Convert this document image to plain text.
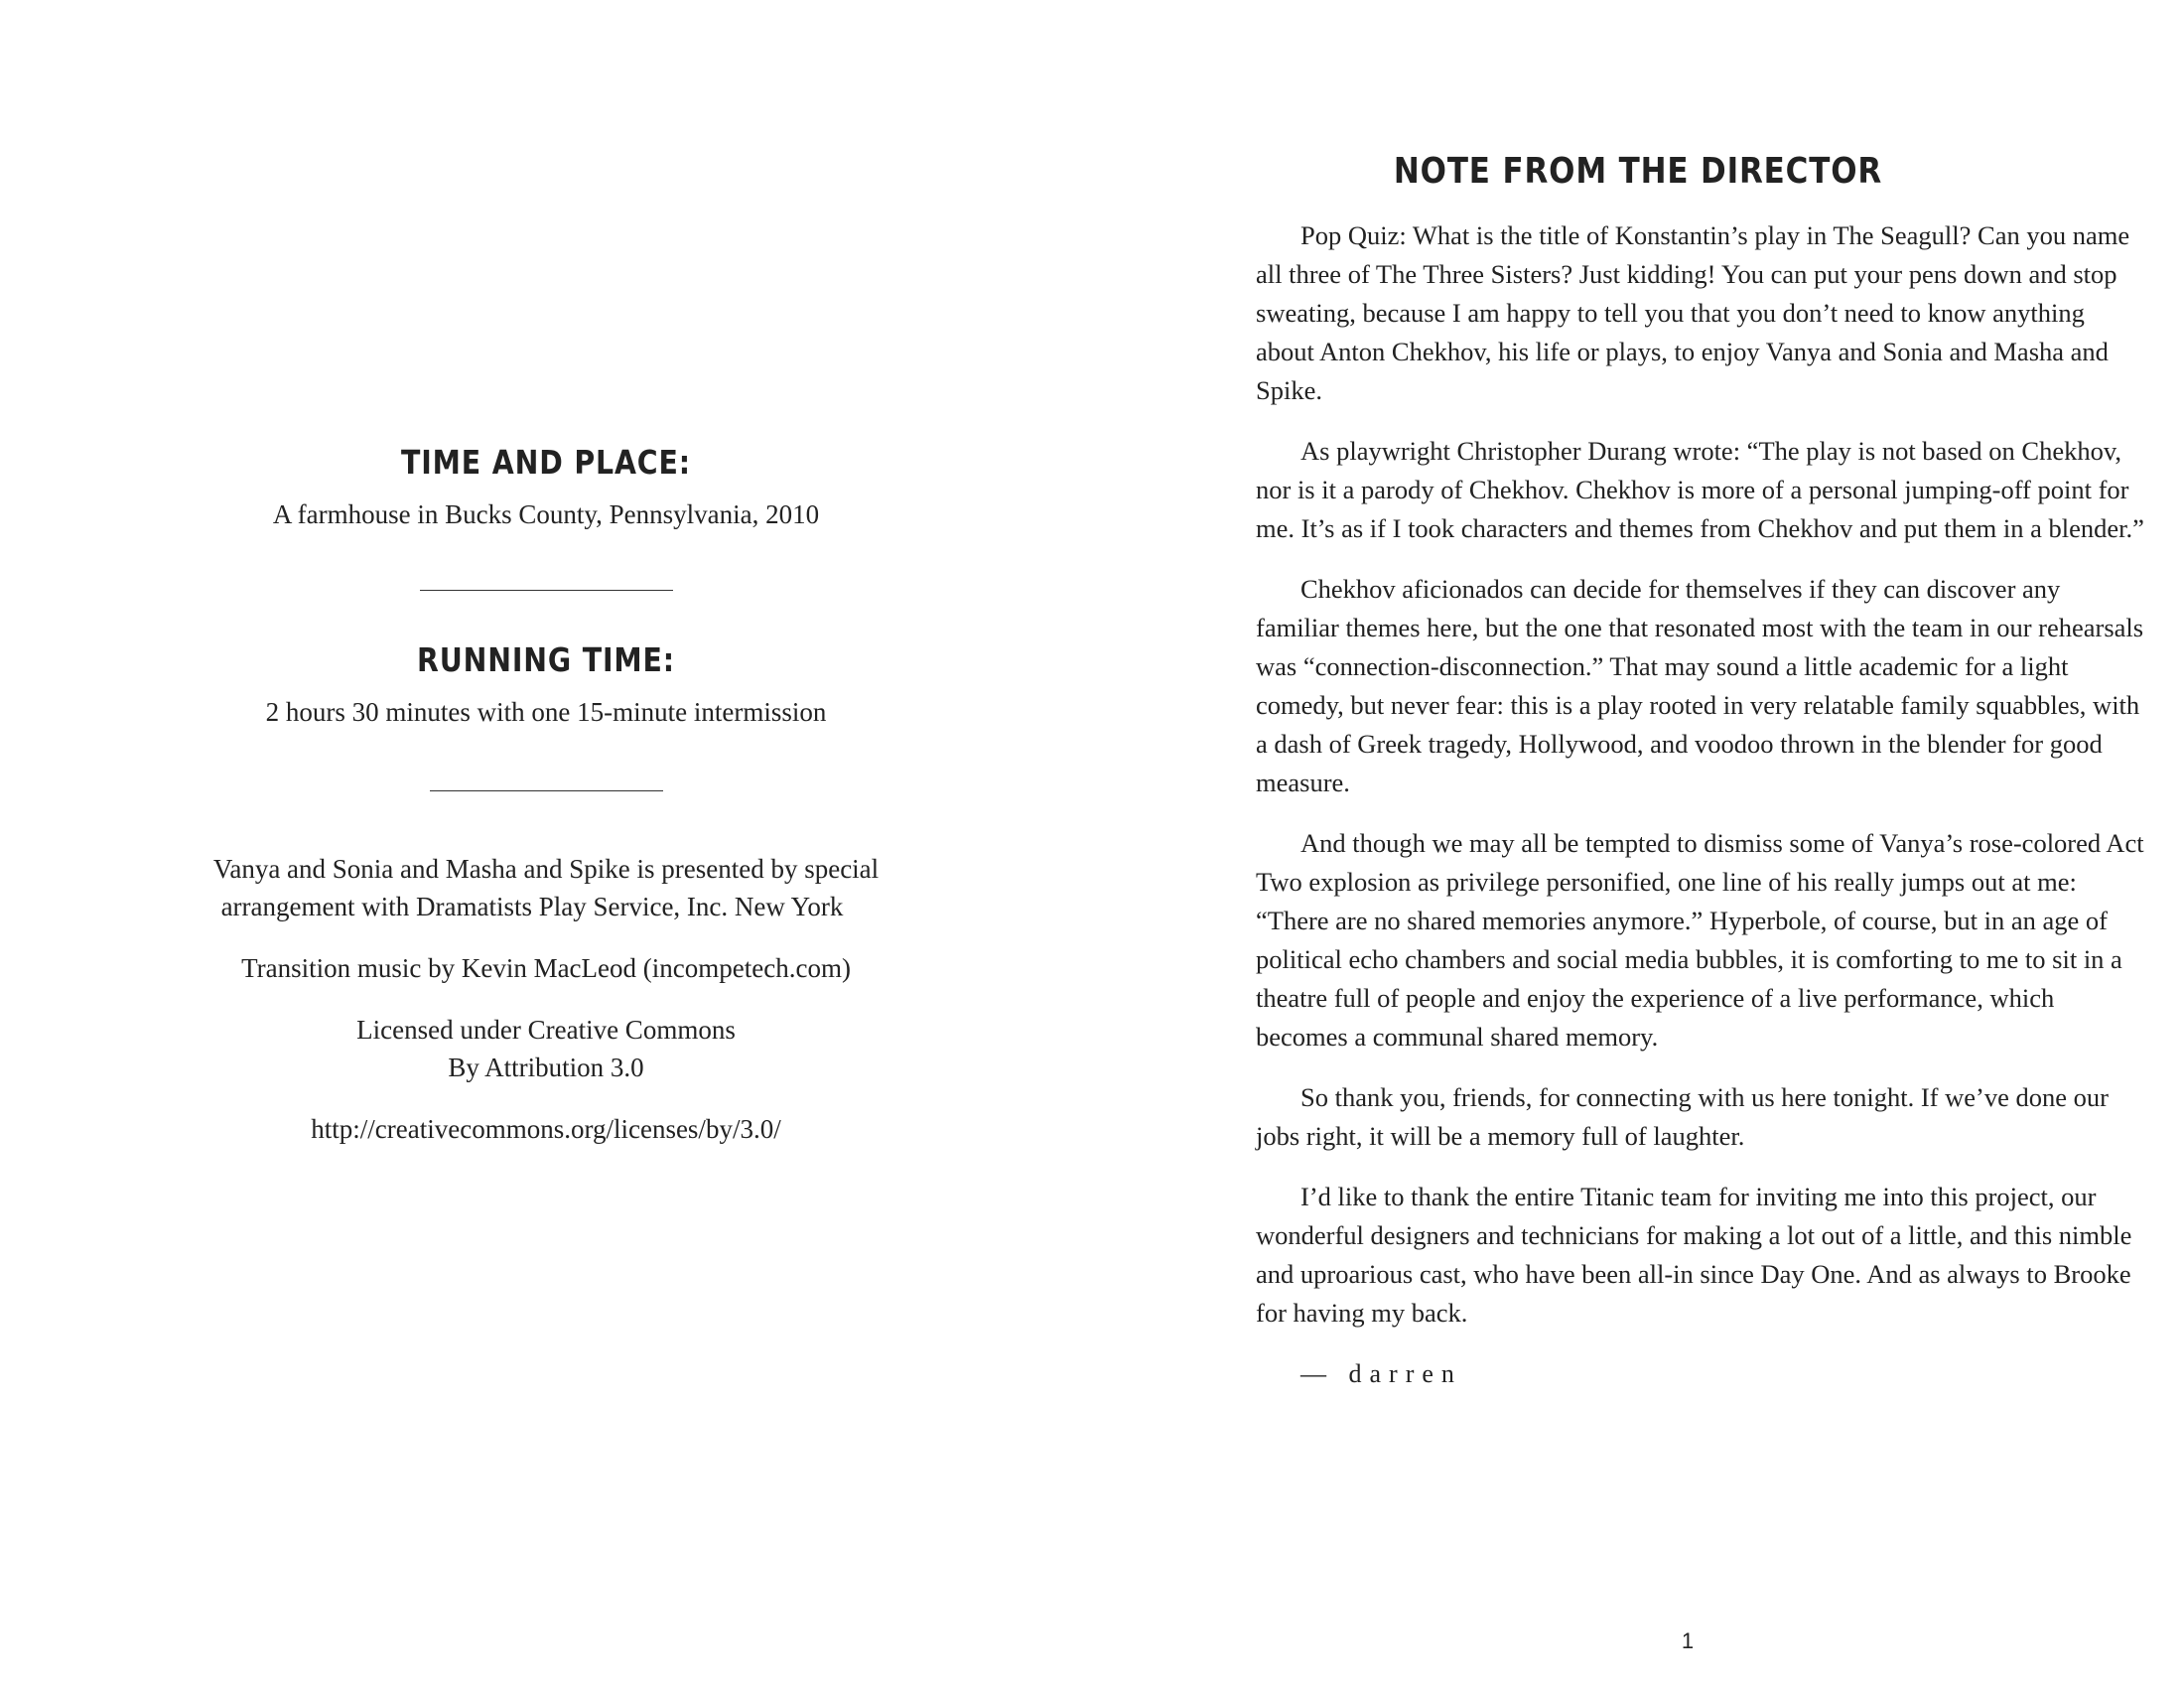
TIME AND PLACE:

A farmhouse in Bucks County, Pennsylvania, 2010

RUNNING TIME:

2 hours 30 minutes with one 15-minute intermission

Vanya and Sonia and Masha and Spike is presented by special

arrangement with Dramatists Play Service, Inc. New York

Transition music by Kevin MacLeod (incompetech.com)

Licensed under Creative Commons

By Attribution 3.0

http://creativecommons.org/licenses/by/3.0/

NOTE FROM THE DIRECTOR

Pop Quiz: What is the title of Konstantin’s play in The Seagull? Can you name all three of The Three Sisters? Just kidding! You can put your pens down and stop sweating, because I am happy to tell you that you don’t need to know anything about Anton Chekhov, his life or plays, to enjoy Vanya and Sonia and Masha and Spike.

As playwright Christopher Durang wrote: “The play is not based on Chekhov, nor is it a parody of Chekhov. Chekhov is more of a personal jumping-off point for me. It’s as if I took characters and themes from Chekhov and put them in a blender.”

Chekhov aficionados can decide for themselves if they can discover any familiar themes here, but the one that resonated most with the team in our rehearsals was “connection-disconnection.” That may sound a little academic for a light comedy, but never fear: this is a play rooted in very relatable family squabbles, with a dash of Greek tragedy, Hollywood, and voodoo thrown in the blender for good measure.

And though we may all be tempted to dismiss some of Vanya’s rose-colored Act Two explosion as privilege personified, one line of his really jumps out at me: “There are no shared memories anymore.” Hyperbole, of course, but in an age of political echo chambers and social media bubbles, it is comforting to me to sit in a theatre full of people and enjoy the experience of a live performance, which becomes a communal shared memory.

So thank you, friends, for connecting with us here tonight. If we’ve done our jobs right, it will be a memory full of laughter.

I’d like to thank the entire Titanic team for inviting me into this project, our wonderful designers and technicians for making a lot out of a little, and this nimble and uproarious cast, who have been all-in since Day One. And as always to Brooke for having my back.

— darren

1
